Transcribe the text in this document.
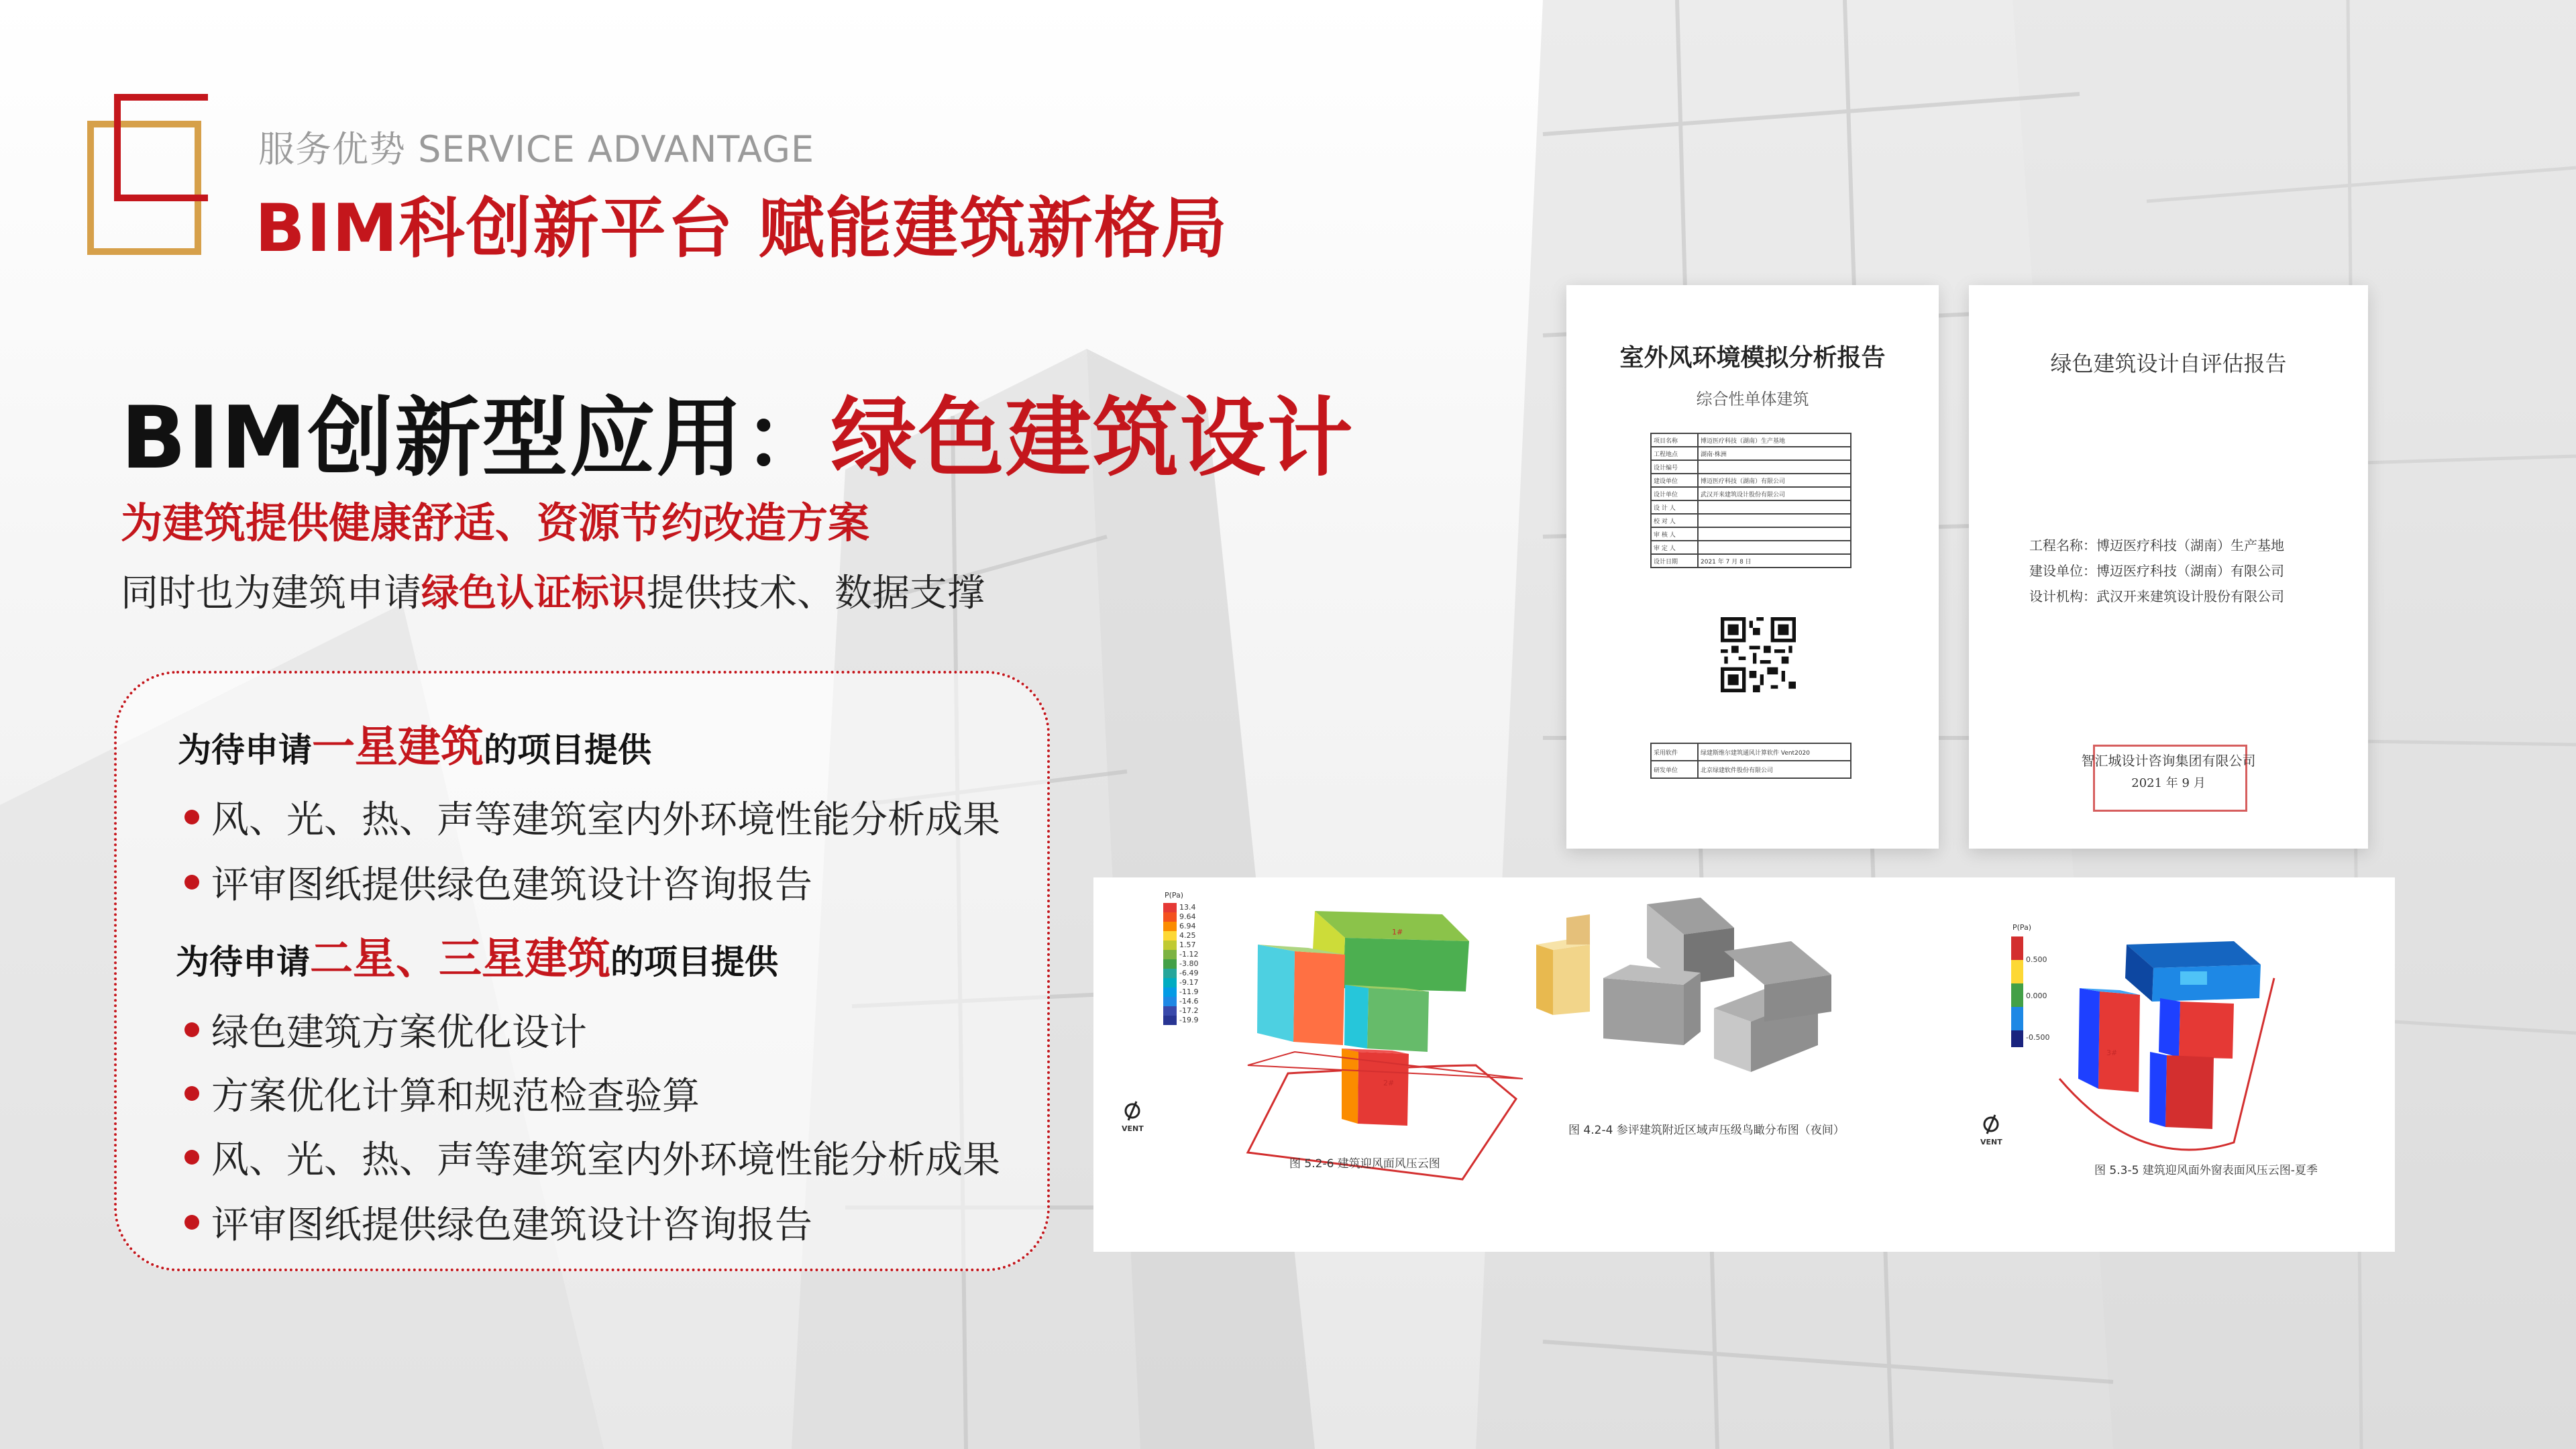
服务优势 SERVICE ADVANTAGE
BIM科创新平台 赋能建筑新格局
BIM创新型应用：绿色建筑设计
为建筑提供健康舒适、资源节约改造方案
同时也为建筑申请绿色认证标识提供技术、数据支撑
为待申请一星建筑的项目提供
风、光、热、声等建筑室内外环境性能分析成果
评审图纸提供绿色建筑设计咨询报告
为待申请二星、三星建筑的项目提供
绿色建筑方案优化设计
方案优化计算和规范检查验算
风、光、热、声等建筑室内外环境性能分析成果
评审图纸提供绿色建筑设计咨询报告
室外风环境模拟分析报告
综合性单体建筑
项目名称	博迈医疗科技（湖南）生产基地
工程地点	湖南·株洲
设计编号	
建设单位	博迈医疗科技（湖南）有限公司
设计单位	武汉开来建筑设计股份有限公司
设 计 人	
校 对 人	
审 核 人	
审 定 人	
设计日期	2021 年 7 月 8 日
采用软件	绿建斯维尔建筑通风计算软件 Vent2020
研发单位	北京绿建软件股份有限公司
绿色建筑设计自评估报告
工程名称：博迈医疗科技（湖南）生产基地
建设单位：博迈医疗科技（湖南）有限公司
设计机构：武汉开来建筑设计股份有限公司
智汇城设计咨询集团有限公司
2021 年 9 月
P(Pa)
13.4
9.64
6.94
4.25
1.57
-1.12
-3.80
-6.49
-9.17
-11.9
-14.6
-17.2
-19.9
P(Pa)
0.500
0.000
-0.500
VENT
VENT
1#
2#
3#
图 5.2-6 建筑迎风面风压云图
图 4.2-4 参评建筑附近区域声压级鸟瞰分布图（夜间）
图 5.3-5 建筑迎风面外窗表面风压云图-夏季
